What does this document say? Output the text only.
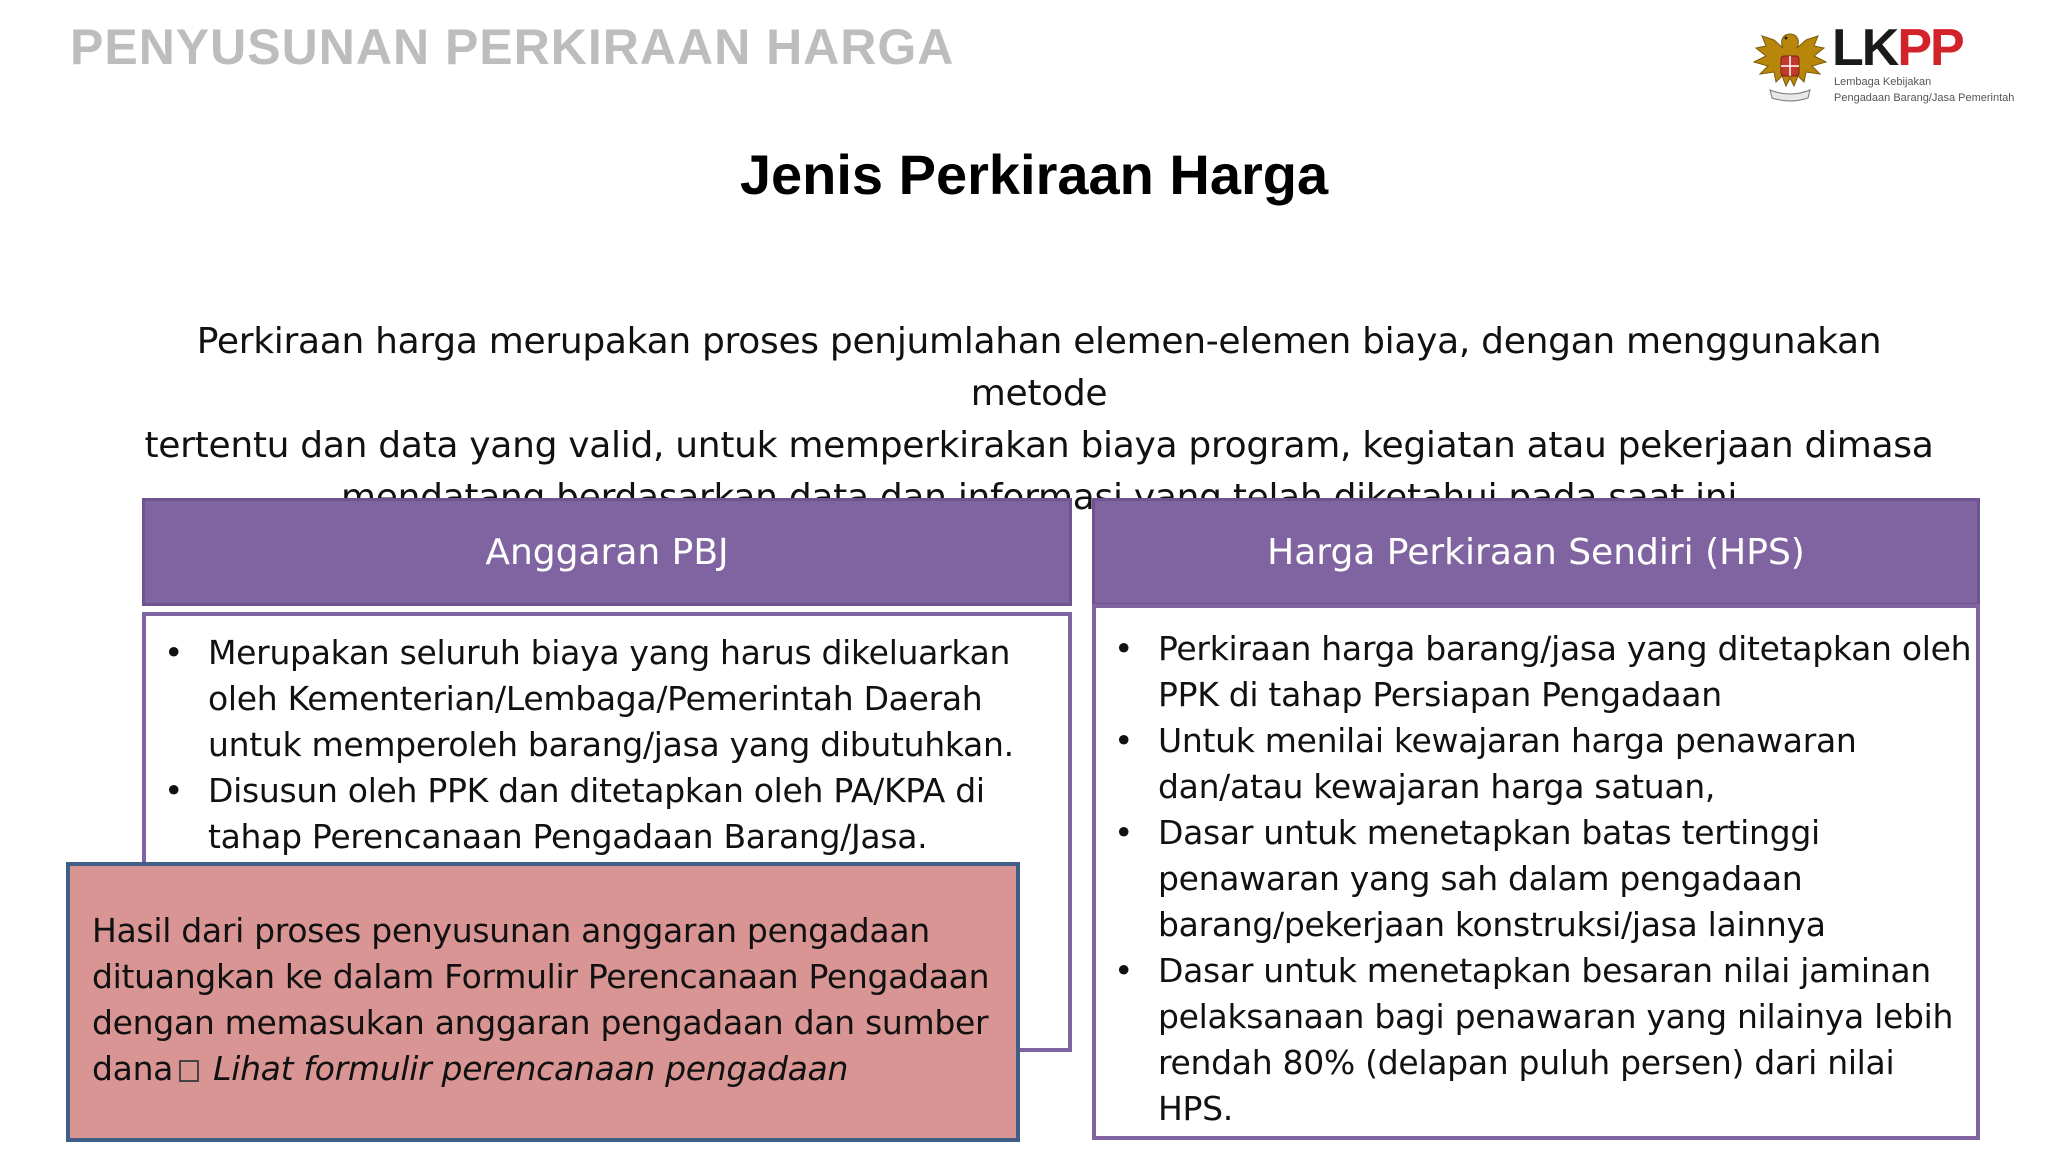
PENYUSUNAN PERKIRAAN HARGA	LKPP
Lembaga Kebijakan
Pengadaan Barang/Jasa Pemerintah
Jenis Perkiraan Harga
Perkiraan harga merupakan proses penjumlahan elemen-elemen biaya, dengan menggunakan metode
tertentu dan data yang valid, untuk memperkirakan biaya program, kegiatan atau pekerjaan dimasa
Anggaran PBJ
• Merupakan seluruh biaya yang harus dikeluarkan
oleh Kementerian/Lembaga/Pemerintah Daerah
untuk memperoleh barang/jasa yang dibutuhkan.
• Disusun oleh PPK dan ditetapkan oleh PA/KPA di
tahap Perencanaan Pengadaan Barang/Jasa.
Harga Perkiraan Sendiri (HPS)
• Perkiraan harga barang/jasa yang ditetapkan oleh
PPK di tahap Persiapan Pengadaan
• Untuk menilai kewajaran harga penawaran
dan/atau kewajaran harga satuan,
• Dasar untuk menetapkan batas tertinggi
penawaran yang sah dalam pengadaan
barang/pekerjaan konstruksi/jasa lainnya
• Dasar untuk menetapkan besaran nilai jaminan
pelaksanaan bagi penawaran yang nilainya lebih
rendah 80% (delapan puluh persen) dari nilai HPS.
Hasil dari proses penyusunan anggaran pengadaan
dituangkan ke dalam Formulir Perencanaan Pengadaan
dengan memasukan anggaran pengadaan dan sumber
dana Lihat formulir perencanaan pengadaan
